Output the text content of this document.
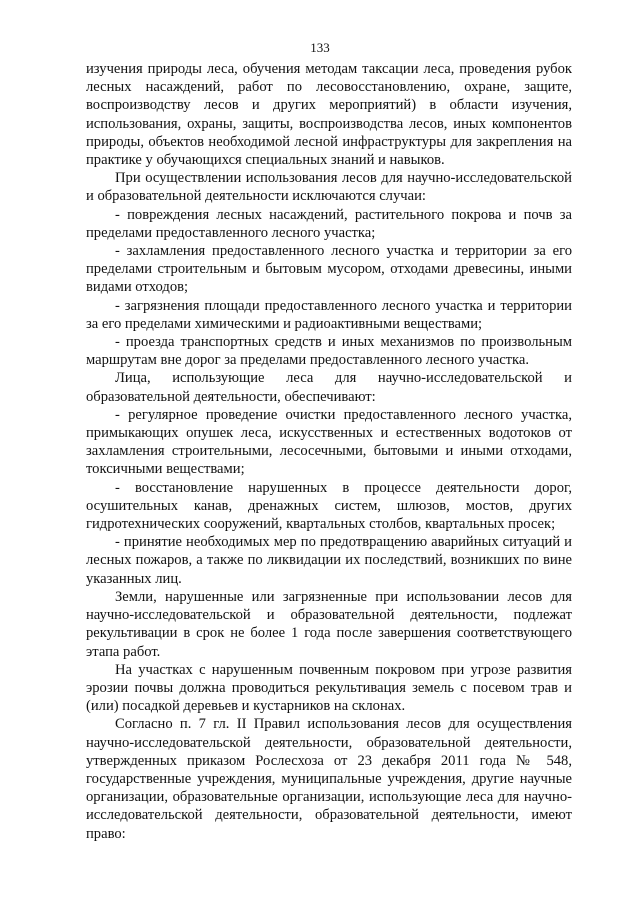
133

изучения природы леса, обучения методам таксации леса, проведения рубок лесных насаждений, работ по лесовосстановлению, охране, защите, воспроизводству лесов и других мероприятий) в области изучения, использования, охраны, защиты, воспроизводства лесов, иных компонентов природы, объектов необходимой лесной инфраструктуры для закрепления на практике у обучающихся специальных знаний и навыков.

При осуществлении использования лесов для научно-исследовательской и образовательной деятельности исключаются случаи:

- повреждения лесных насаждений, растительного покрова и почв за пределами предоставленного лесного участка;

- захламления предоставленного лесного участка и территории за его пределами строительным и бытовым мусором, отходами древесины, иными видами отходов;

- загрязнения площади предоставленного лесного участка и территории за его пределами химическими и радиоактивными веществами;

- проезда транспортных средств и иных механизмов по произвольным маршрутам вне дорог за пределами предоставленного лесного участка.

Лица, использующие леса для научно-исследовательской и образовательной деятельности, обеспечивают:

- регулярное проведение очистки предоставленного лесного участка, примыкающих опушек леса, искусственных и естественных водотоков от захламления строительными, лесосечными, бытовыми и иными отходами, токсичными веществами;

- восстановление нарушенных в процессе деятельности дорог, осушительных канав, дренажных систем, шлюзов, мостов, других гидротехнических сооружений, квартальных столбов, квартальных просек;

- принятие необходимых мер по предотвращению аварийных ситуаций и лесных пожаров, а также по ликвидации их последствий, возникших по вине указанных лиц.

Земли, нарушенные или загрязненные при использовании лесов для научно-исследовательской и образовательной деятельности, подлежат рекультивации в срок не более 1 года после завершения соответствующего этапа работ.

На участках с нарушенным почвенным покровом при угрозе развития эрозии почвы должна проводиться рекультивация земель с посевом трав и (или) посадкой деревьев и кустарников на склонах.

Согласно п. 7 гл. II Правил использования лесов для осуществления научно-исследовательской деятельности, образовательной деятельности, утвержденных приказом Рослесхоза от 23 декабря 2011 года № 548, государственные учреждения, муниципальные учреждения, другие научные организации, образовательные организации, использующие леса для научно-исследовательской деятельности, образовательной деятельности, имеют право:
